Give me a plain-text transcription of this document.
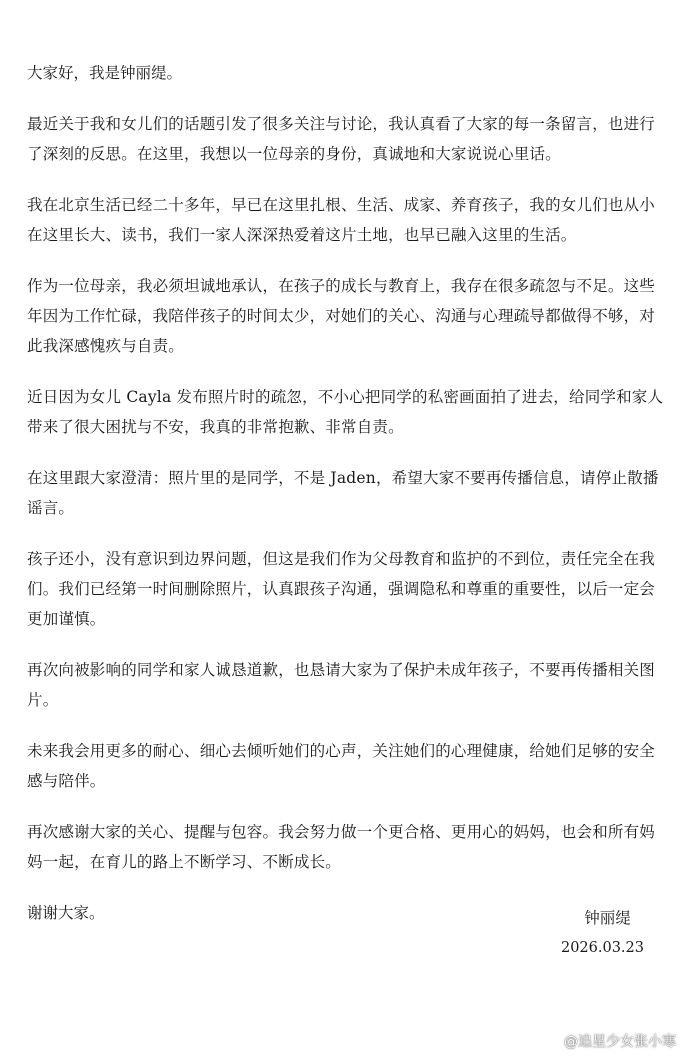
大家好，我是钟丽缇。

最近关于我和女儿们的话题引发了很多关注与讨论，我认真看了大家的每一条留言，也进行了深刻的反思。在这里，我想以一位母亲的身份，真诚地和大家说说心里话。

我在北京生活已经二十多年，早已在这里扎根、生活、成家、养育孩子，我的女儿们也从小在这里长大、读书，我们一家人深深热爱着这片土地，也早已融入这里的生活。

作为一位母亲，我必须坦诚地承认，在孩子的成长与教育上，我存在很多疏忽与不足。这些年因为工作忙碌，我陪伴孩子的时间太少，对她们的关心、沟通与心理疏导都做得不够，对此我深感愧疚与自责。

近日因为女儿 Cayla 发布照片时的疏忽，不小心把同学的私密画面拍了进去，给同学和家人带来了很大困扰与不安，我真的非常抱歉、非常自责。

在这里跟大家澄清：照片里的是同学，不是 Jaden，希望大家不要再传播信息，请停止散播谣言。

孩子还小，没有意识到边界问题，但这是我们作为父母教育和监护的不到位，责任完全在我们。我们已经第一时间删除照片，认真跟孩子沟通，强调隐私和尊重的重要性，以后一定会更加谨慎。

再次向被影响的同学和家人诚恳道歉，也恳请大家为了保护未成年孩子，不要再传播相关图片。

未来我会用更多的耐心、细心去倾听她们的心声，关注她们的心理健康，给她们足够的安全感与陪伴。

再次感谢大家的关心、提醒与包容。我会努力做一个更合格、更用心的妈妈，也会和所有妈妈一起，在育儿的路上不断学习、不断成长。

谢谢大家。	钟丽缇
2026.03.23
@追星少女张小寒
